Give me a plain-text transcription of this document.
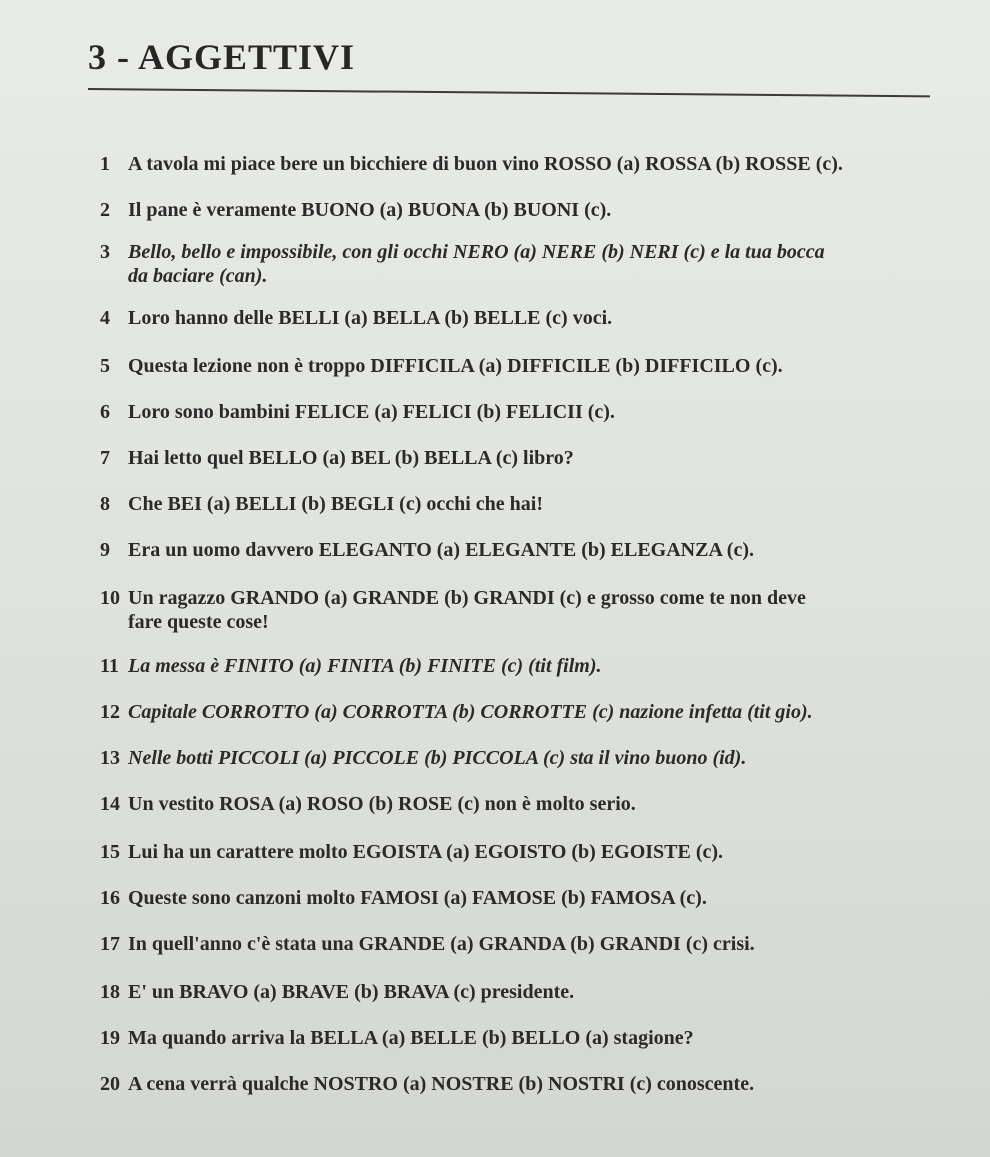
3 - AGGETTIVI
1 A tavola mi piace bere un bicchiere di buon vino ROSSO (a) ROSSA (b) ROSSE (c).
2 Il pane è veramente BUONO (a) BUONA (b) BUONI (c).
3 Bello, bello e impossibile, con gli occhi NERO (a) NERE (b) NERI (c) e la tua bocca
da baciare (can).
4 Loro hanno delle BELLI (a) BELLA (b) BELLE (c) voci.
5 Questa lezione non è troppo DIFFICILA (a) DIFFICILE (b) DIFFICILO (c).
6 Loro sono bambini FELICE (a) FELICI (b) FELICII (c).
7 Hai letto quel BELLO (a) BEL (b) BELLA (c) libro?
8 Che BEI (a) BELLI (b) BEGLI (c) occhi che hai!
9 Era un uomo davvero ELEGANTO (a) ELEGANTE (b) ELEGANZA (c).
10 Un ragazzo GRANDO (a) GRANDE (b) GRANDI (c) e grosso come te non deve
fare queste cose!
11 La messa è FINITO (a) FINITA (b) FINITE (c) (tit film).
12 Capitale CORROTTO (a) CORROTTA (b) CORROTTE (c) nazione infetta (tit gio).
13 Nelle botti PICCOLI (a) PICCOLE (b) PICCOLA (c) sta il vino buono (id).
14 Un vestito ROSA (a) ROSO (b) ROSE (c) non è molto serio.
15 Lui ha un carattere molto EGOISTA (a) EGOISTO (b) EGOISTE (c).
16 Queste sono canzoni molto FAMOSI (a) FAMOSE (b) FAMOSA (c).
17 In quell'anno c'è stata una GRANDE (a) GRANDA (b) GRANDI (c) crisi.
18 E' un BRAVO (a) BRAVE (b) BRAVA (c) presidente.
19 Ma quando arriva la BELLA (a) BELLE (b) BELLO (a) stagione?
20 A cena verrà qualche NOSTRO (a) NOSTRE (b) NOSTRI (c) conoscente.
